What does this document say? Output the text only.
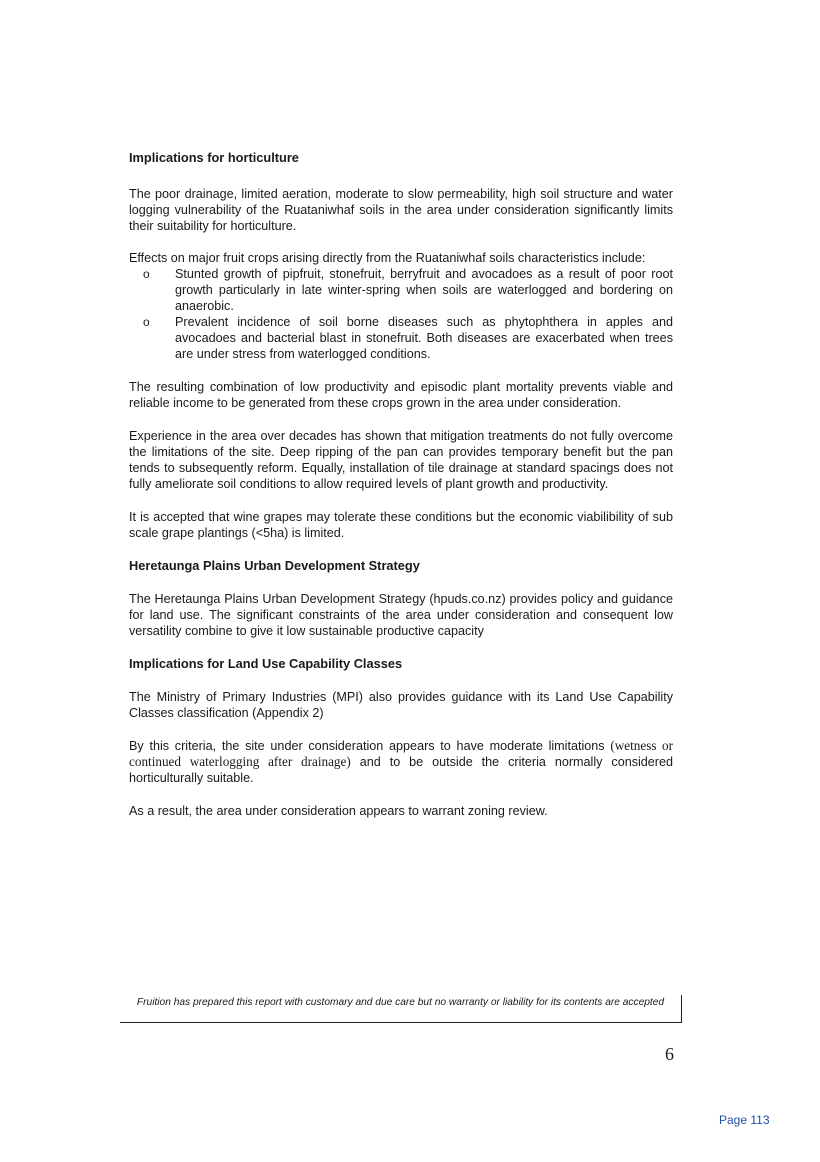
Implications for horticulture

The poor drainage, limited aeration, moderate to slow permeability, high soil structure and water logging vulnerability of the Ruataniwhaf soils in the area under consideration significantly limits their suitability for horticulture.

Effects on major fruit crops arising directly from the Ruataniwhaf soils characteristics include:

o Stunted growth of pipfruit, stonefruit, berryfruit and avocadoes as a result of poor root growth particularly in late winter-spring when soils are waterlogged and bordering on anaerobic.
o Prevalent incidence of soil borne diseases such as phytophthera in apples and avocadoes and bacterial blast in stonefruit. Both diseases are exacerbated when trees are under stress from waterlogged conditions.

The resulting combination of low productivity and episodic plant mortality prevents viable and reliable income to be generated from these crops grown in the area under consideration.

Experience in the area over decades has shown that mitigation treatments do not fully overcome the limitations of the site. Deep ripping of the pan can provides temporary benefit but the pan tends to subsequently reform. Equally, installation of tile drainage at standard spacings does not fully ameliorate soil conditions to allow required levels of plant growth and productivity.

It is accepted that wine grapes may tolerate these conditions but the economic viabilibility of sub scale grape plantings (<5ha) is limited.

Heretaunga Plains Urban Development Strategy

The Heretaunga Plains Urban Development Strategy (hpuds.co.nz) provides policy and guidance for land use. The significant constraints of the area under consideration and consequent low versatility combine to give it low sustainable productive capacity

Implications for Land Use Capability Classes

The Ministry of Primary Industries (MPI) also provides guidance with its Land Use Capability Classes classification (Appendix 2)

By this criteria, the site under consideration appears to have moderate limitations (wetness or continued waterlogging after drainage) and to be outside the criteria normally considered horticulturally suitable.

As a result, the area under consideration appears to warrant zoning review.

Fruition has prepared this report with customary and due care but no warranty or liability for its contents are accepted
6
Page 113
